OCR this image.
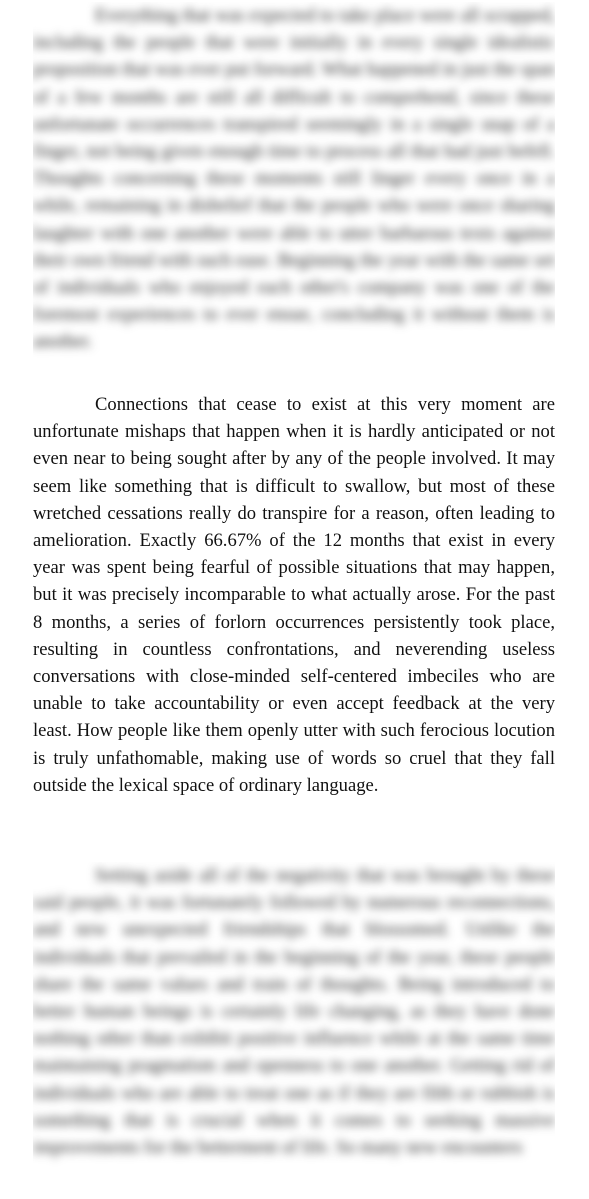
Everything that was expected to take place were all scrapped, including the people that were initially in every single idealistic proposition that was ever put forward. What happened in just the span of a few months are still all difficult to comprehend, since these unfortunate occurrences transpired seemingly in a single snap of a finger, not being given enough time to process all that had just befell. Thoughts concerning these moments still linger every once in a while, remaining in disbelief that the people who were once sharing laughter with one another were able to utter barbarous texts against their own friend with such ease. Beginning the year with the same set of individuals who enjoyed each other's company was one of the foremost experiences to ever ensue, concluding it without them is another.

Connections that cease to exist at this very moment are unfortunate mishaps that happen when it is hardly anticipated or not even near to being sought after by any of the people involved. It may seem like something that is difficult to swallow, but most of these wretched cessations really do transpire for a reason, often leading to amelioration. Exactly 66.67% of the 12 months that exist in every year was spent being fearful of possible situations that may happen, but it was precisely incomparable to what actually arose. For the past 8 months, a series of forlorn occurrences persistently took place, resulting in countless confrontations, and neverending useless conversations with close-minded self-centered imbeciles who are unable to take accountability or even accept feedback at the very least. How people like them openly utter with such ferocious locution is truly unfathomable, making use of words so cruel that they fall outside the lexical space of ordinary language.

Setting aside all of the negativity that was brought by these said people, it was fortunately followed by numerous reconnections, and new unexpected friendships that blossomed. Unlike the individuals that prevailed in the beginning of the year, these people share the same values and train of thoughts. Being introduced to better human beings is certainly life changing, as they have done nothing other than exhibit positive influence while at the same time maintaining pragmatism and openness to one another. Getting rid of individuals who are able to treat one as if they are filth or rubbish is something that is crucial when it comes to seeking massive improvements for the betterment of life. So many new encounters
